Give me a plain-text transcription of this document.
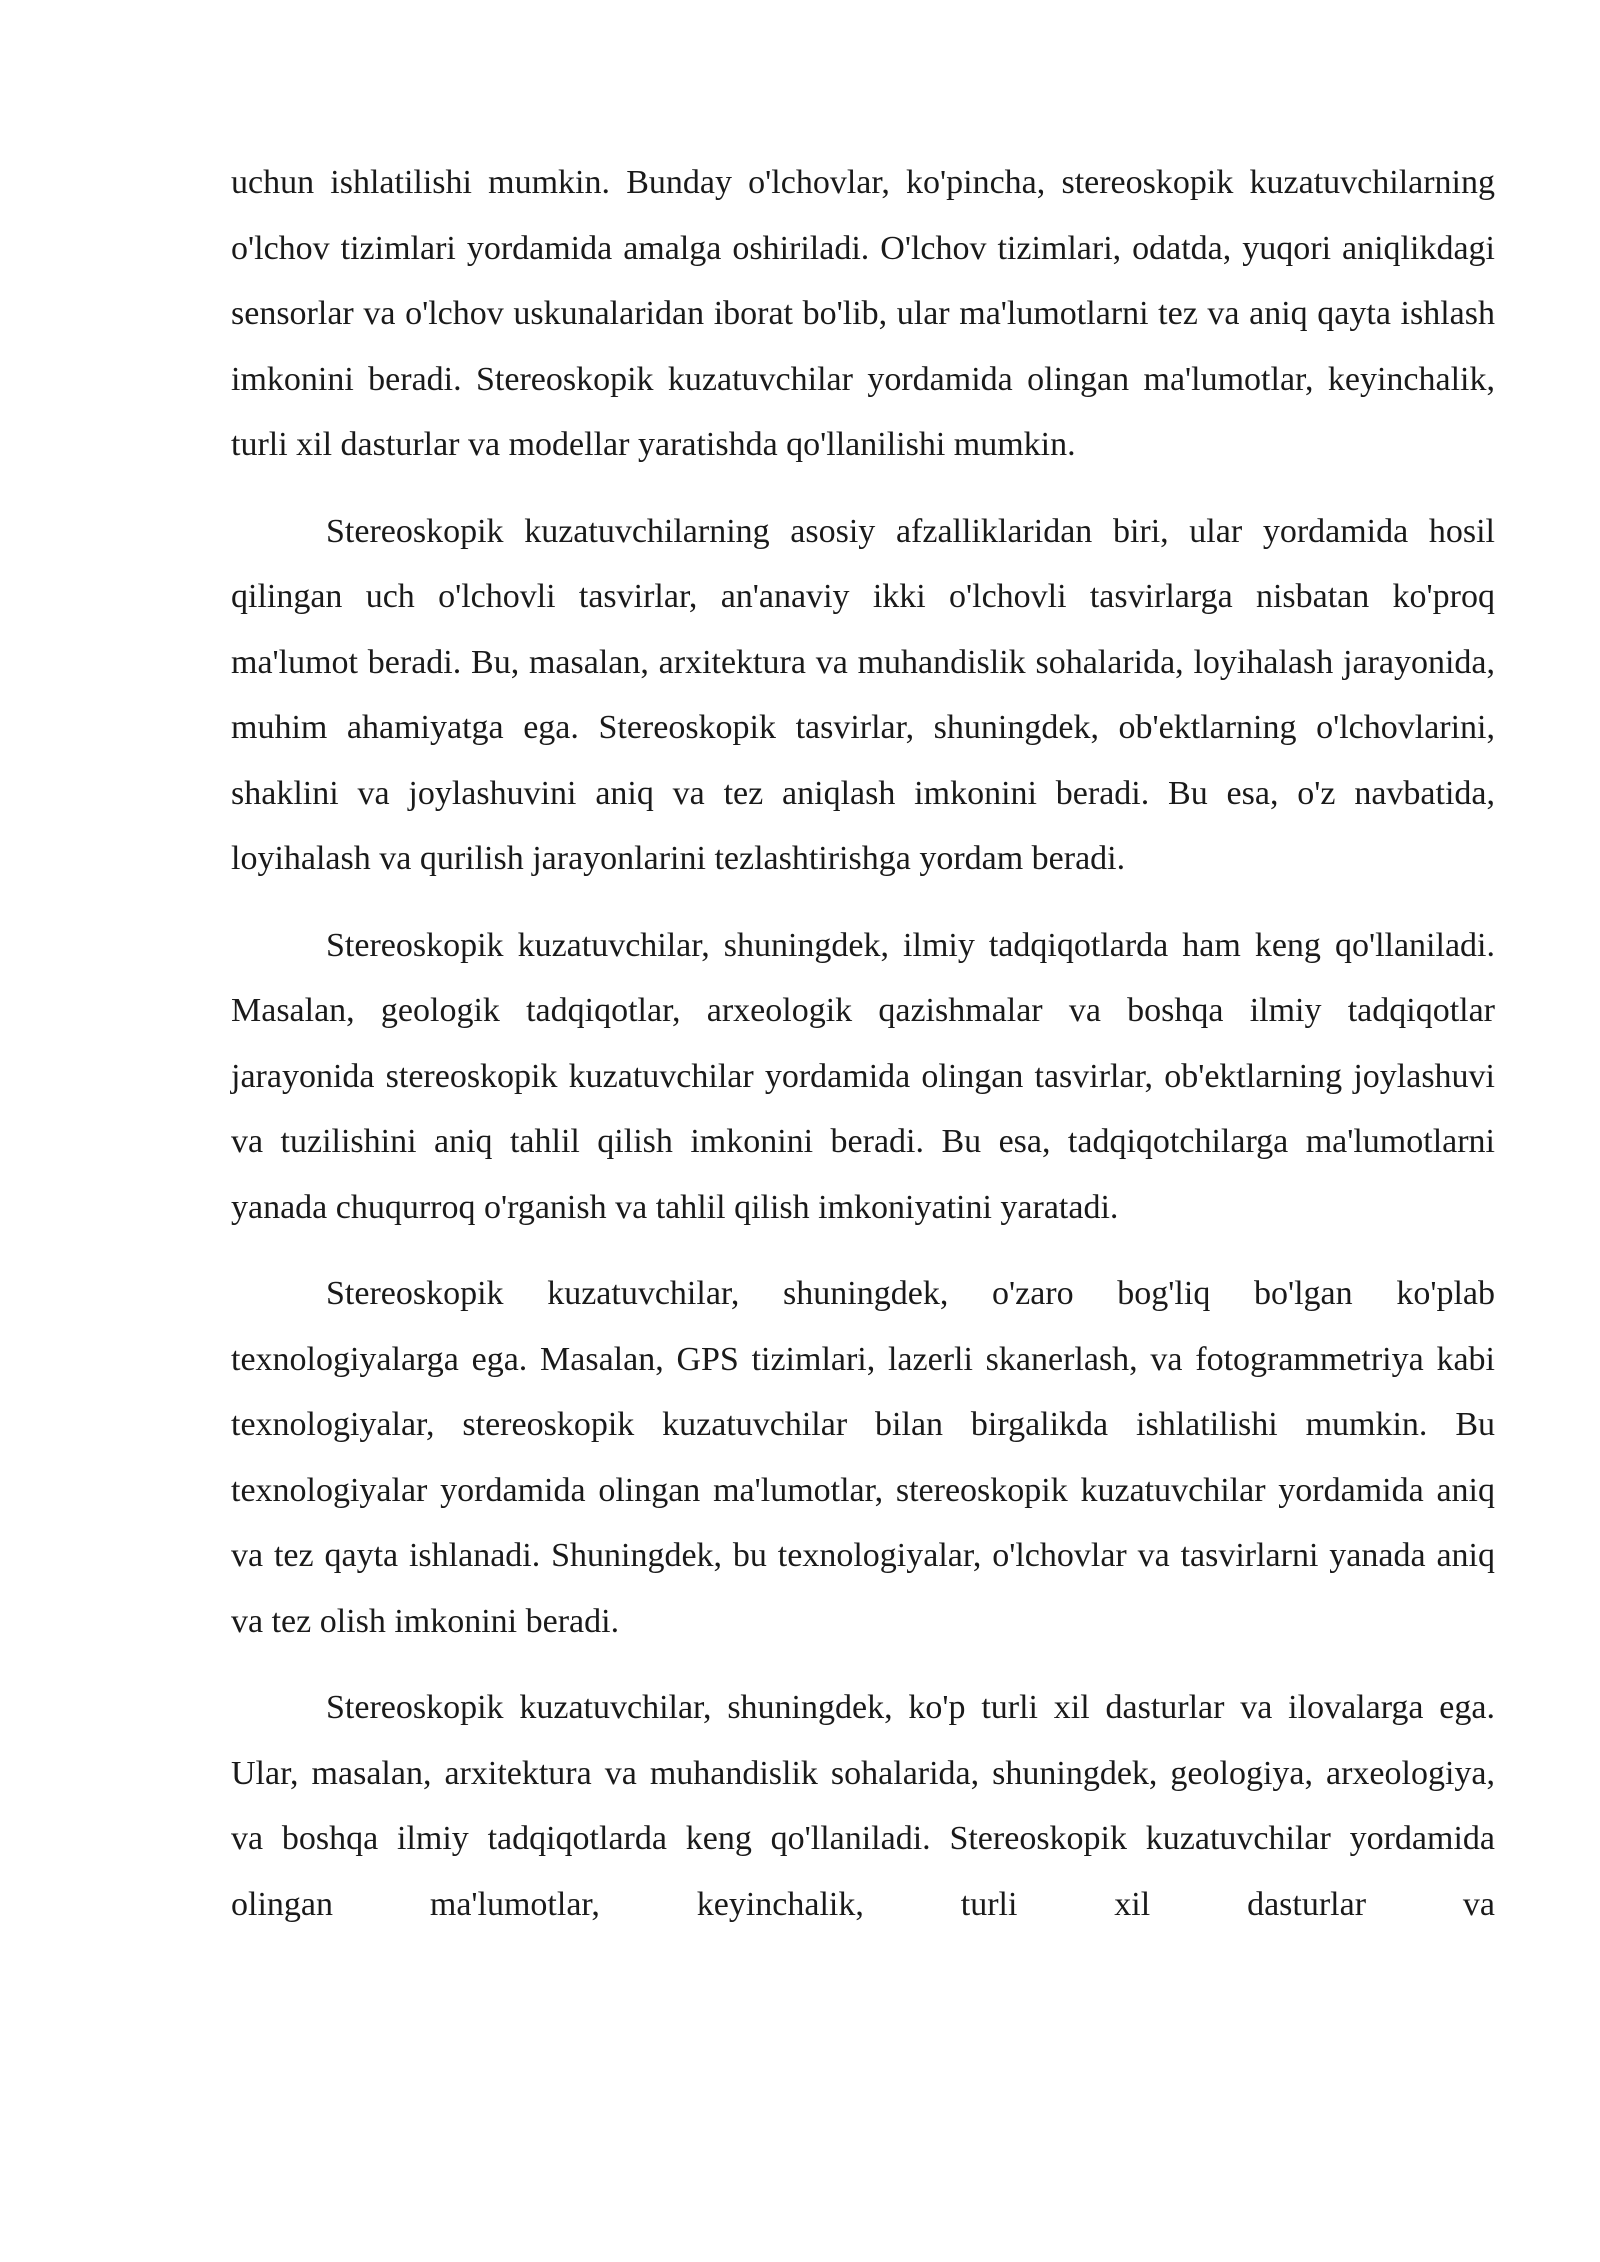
uchun ishlatilishi mumkin. Bunday o'lchovlar, ko'pincha, stereoskopik kuzatuvchilarning o'lchov tizimlari yordamida amalga oshiriladi. O'lchov tizimlari, odatda, yuqori aniqlikdagi sensorlar va o'lchov uskunalaridan iborat bo'lib, ular ma'lumotlarni tez va aniq qayta ishlash imkonini beradi. Stereoskopik kuzatuvchilar yordamida olingan ma'lumotlar, keyinchalik, turli xil dasturlar va modellar yaratishda qo'llanilishi mumkin.

Stereoskopik kuzatuvchilarning asosiy afzalliklaridan biri, ular yordamida hosil qilingan uch o'lchovli tasvirlar, an'anaviy ikki o'lchovli tasvirlarga nisbatan ko'proq ma'lumot beradi. Bu, masalan, arxitektura va muhandislik sohalarida, loyihalash jarayonida, muhim ahamiyatga ega. Stereoskopik tasvirlar, shuningdek, ob'ektlarning o'lchovlarini, shaklini va joylashuvini aniq va tez aniqlash imkonini beradi. Bu esa, o'z navbatida, loyihalash va qurilish jarayonlarini tezlashtirishga yordam beradi.

Stereoskopik kuzatuvchilar, shuningdek, ilmiy tadqiqotlarda ham keng qo'llaniladi. Masalan, geologik tadqiqotlar, arxeologik qazishmalar va boshqa ilmiy tadqiqotlar jarayonida stereoskopik kuzatuvchilar yordamida olingan tasvirlar, ob'ektlarning joylashuvi va tuzilishini aniq tahlil qilish imkonini beradi. Bu esa, tadqiqotchilarga ma'lumotlarni yanada chuqurroq o'rganish va tahlil qilish imkoniyatini yaratadi.

Stereoskopik kuzatuvchilar, shuningdek, o'zaro bog'liq bo'lgan ko'plab texnologiyalarga ega. Masalan, GPS tizimlari, lazerli skanerlash, va fotogrammetriya kabi texnologiyalar, stereoskopik kuzatuvchilar bilan birgalikda ishlatilishi mumkin. Bu texnologiyalar yordamida olingan ma'lumotlar, stereoskopik kuzatuvchilar yordamida aniq va tez qayta ishlanadi. Shuningdek, bu texnologiyalar, o'lchovlar va tasvirlarni yanada aniq va tez olish imkonini beradi.

Stereoskopik kuzatuvchilar, shuningdek, ko'p turli xil dasturlar va ilovalarga ega. Ular, masalan, arxitektura va muhandislik sohalarida, shuningdek, geologiya, arxeologiya, va boshqa ilmiy tadqiqotlarda keng qo'llaniladi. Stereoskopik kuzatuvchilar yordamida olingan ma'lumotlar, keyinchalik, turli xil dasturlar va
